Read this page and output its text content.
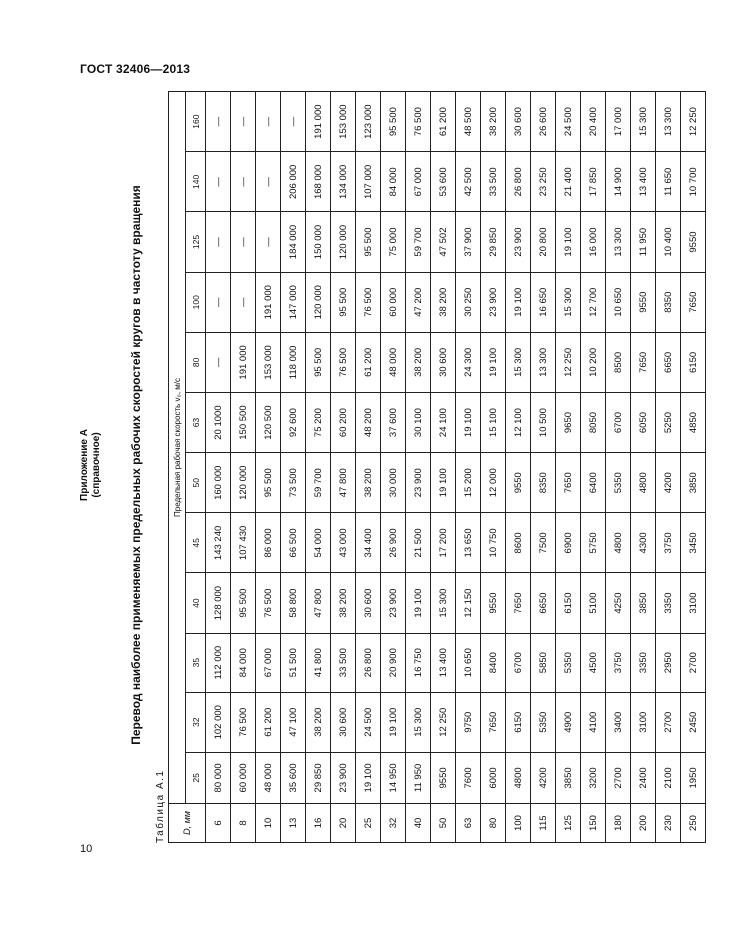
ГОСТ 32406—2013
10
Приложение А (справочное) Перевод наиболее применяемых предельных рабочих скоростей кругов в частоту вращения
Таблица А.1 D, мм	Предельная рабочая скорость v₀, м/с											
	25	32	35	40	45	50	63	80	100	125	140	160
6	80 000	102 000	112 000	128 000	143 240	160 000	20 1000	—	—	—	—	—
8	60 000	76 500	84 000	95 500	107 430	120 000	150 500	191 000	—	—	—	—
10	48 000	61 200	67 000	76 500	86 000	95 500	120 500	153 000	191 000	—	—	—
13	35 600	47 100	51 500	58 800	66 500	73 500	92 600	118 000	147 000	184 000	206 000	—
16	29 850	38 200	41 800	47 800	54 000	59 700	75 200	95 500	120 000	150 000	168 000	191 000
20	23 900	30 600	33 500	38 200	43 000	47 800	60 200	76 500	95 500	120 000	134 000	153 000
25	19 100	24 500	26 800	30 600	34 400	38 200	48 200	61 200	76 500	95 500	107 000	123 000
32	14 950	19 100	20 900	23 900	26 900	30 000	37 600	48 000	60 000	75 000	84 000	95 500
40	11 950	15 300	16 750	19 100	21 500	23 900	30 100	38 200	47 200	59 700	67 000	76 500
50	9550	12 250	13 400	15 300	17 200	19 100	24 100	30 600	38 200	47 502	53 600	61 200
63	7600	9750	10 650	12 150	13 650	15 200	19 100	24 300	30 250	37 900	42 500	48 500
80	6000	7650	8400	9550	10 750	12 000	15 100	19 100	23 900	29 850	33 500	38 200
100	4800	6150	6700	7650	8600	9550	12 100	15 300	19 100	23 900	26 800	30 600
115	4200	5350	5850	6650	7500	8350	10 500	13 300	16 650	20 800	23 250	26 600
125	3850	4900	5350	6150	6900	7650	9650	12 250	15 300	19 100	21 400	24 500
150	3200	4100	4500	5100	5750	6400	8050	10 200	12 700	16 000	17 850	20 400
180	2700	3400	3750	4250	4800	5350	6700	8500	10 650	13 300	14 900	17 000
200	2400	3100	3350	3850	4300	4800	6050	7650	9550	11 950	13 400	15 300
230	2100	2700	2950	3350	3750	4200	5250	6650	8350	10 400	11 650	13 300
250	1950	2450	2700	3100	3450	3850	4850	6150	7650	9550	10 700	12 250
